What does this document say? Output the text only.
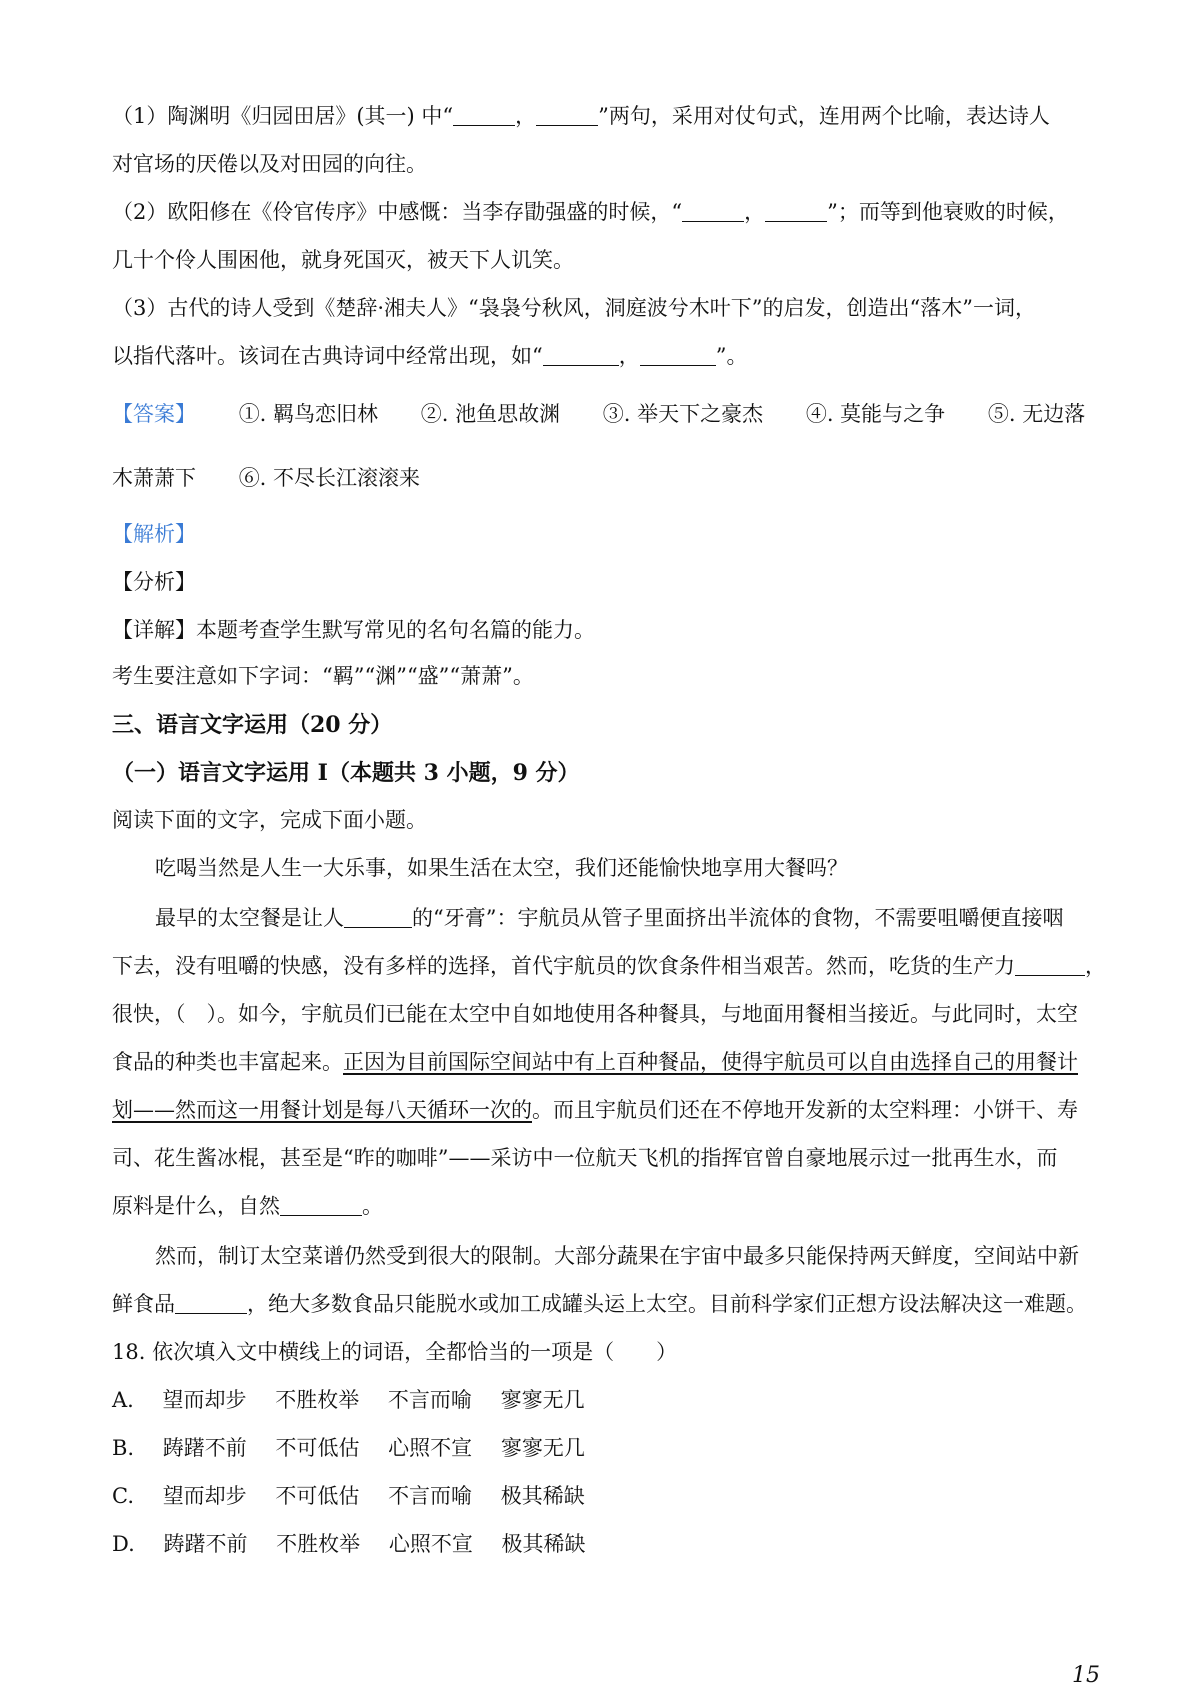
（1）陶渊明《归园田居》(其一) 中“	，	”两句，采用对仗句式，连用两个比喻，表达诗人
对官场的厌倦以及对田园的向往。
（2）欧阳修在《伶官传序》中感慨：当李存勖强盛的时候，“	，	”；而等到他衰败的时候，
几十个伶人围困他，就身死国灭，被天下人讥笑。
（3）古代的诗人受到《楚辞·湘夫人》“袅袅兮秋风，洞庭波兮木叶下”的启发，创造出“落木”一词，
以指代落叶。该词在古典诗词中经常出现，如“	，	”。
【答案】 ①. 羁鸟恋旧林 ②. 池鱼思故渊 ③. 举天下之豪杰 ④. 莫能与之争 ⑤. 无边落
木萧萧下 ⑥. 不尽长江滚滚来
【解析】
【分析】
【详解】本题考查学生默写常见的名句名篇的能力。
考生要注意如下字词：“羁”“渊”“盛”“萧萧”。
三、语言文字运用（20 分）
（一）语言文字运用 I（本题共 3 小题，9 分）
阅读下面的文字，完成下面小题。
吃喝当然是人生一大乐事，如果生活在太空，我们还能愉快地享用大餐吗？
最早的太空餐是让人	的“牙膏”：宇航员从管子里面挤出半流体的食物，不需要咀嚼便直接咽
下去，没有咀嚼的快感，没有多样的选择，首代宇航员的饮食条件相当艰苦。然而，吃货的生产力	，
很快，（　）。如今，宇航员们已能在太空中自如地使用各种餐具，与地面用餐相当接近。与此同时，太空
食品的种类也丰富起来。正因为目前国际空间站中有上百种餐品，使得宇航员可以自由选择自己的用餐计
划——然而这一用餐计划是每八天循环一次的。而且宇航员们还在不停地开发新的太空料理：小饼干、寿
司、花生酱冰棍，甚至是“昨的咖啡”——采访中一位航天飞机的指挥官曾自豪地展示过一批再生水，而
原料是什么，自然	。
然而，制订太空菜谱仍然受到很大的限制。大部分蔬果在宇宙中最多只能保持两天鲜度，空间站中新
鲜食品	，绝大多数食品只能脱水或加工成罐头运上太空。目前科学家们正想方设法解决这一难题。
18. 依次填入文中横线上的词语，全都恰当的一项是（　　）
A. 望而却步 不胜枚举 不言而喻 寥寥无几
B. 踌躇不前 不可低估 心照不宣 寥寥无几
C. 望而却步 不可低估 不言而喻 极其稀缺
D. 踌躇不前 不胜枚举 心照不宣 极其稀缺
15
